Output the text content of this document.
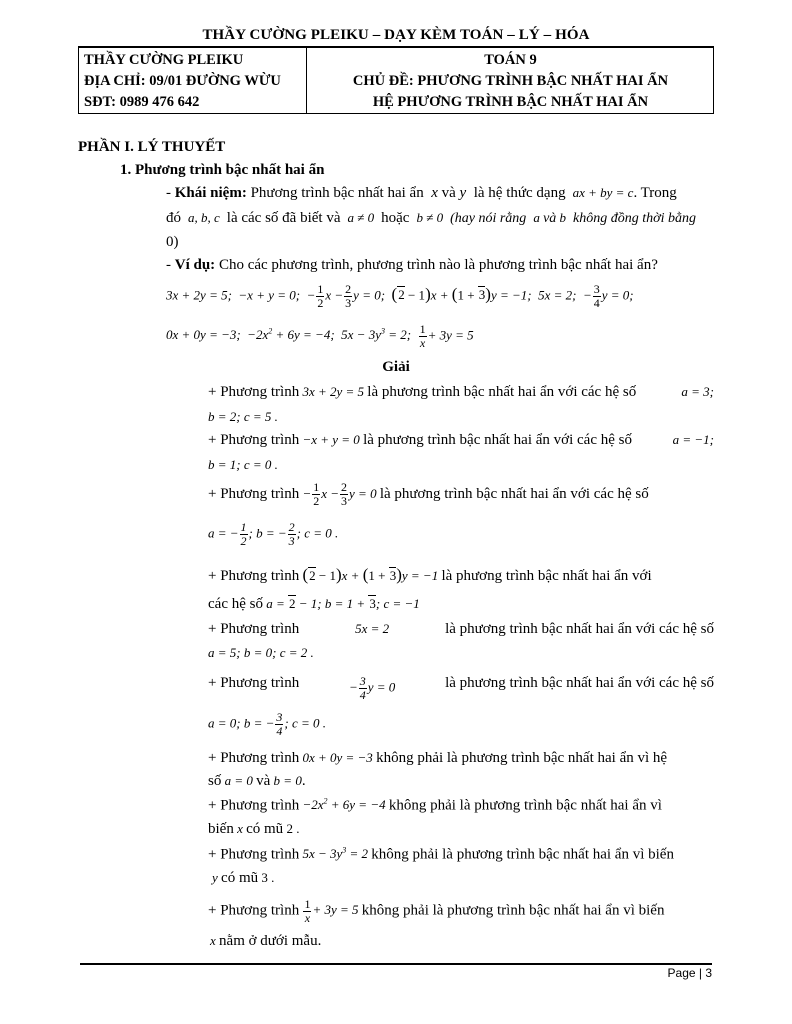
THẦY CƯỜNG PLEIKU – DẠY KÈM TOÁN – LÝ – HÓA
THẦY CƯỜNG PLEIKU
ĐỊA CHỈ: 09/01 ĐƯỜNG WỪU
SĐT: 0989 476 642
TOÁN 9
CHỦ ĐỀ: PHƯƠNG TRÌNH BẬC NHẤT HAI ẨN
HỆ PHƯƠNG TRÌNH BẬC NHẤT HAI ẨN
PHẦN I. LÝ THUYẾT
1. Phương trình bậc nhất hai ẩn
- Khái niệm: Phương trình bậc nhất hai ẩn  x và y  là hệ thức dạng  ax + by = c. Trong
đó  a, b, c  là các số đã biết và  a ≠ 0  hoặc  b ≠ 0  (hay nói rằng  a và b  không đồng thời bằng
0)
- Ví dụ: Cho các phương trình, phương trình nào là phương trình bậc nhất hai ẩn?
3x + 2y = 5;  −x + y = 0;  − $\frac{1}{2}$ $x - \frac{2}{3}$ y = 0;  (2 − 1)x + (1 + 3)y = −1;  5x = 2;  − $\frac{3}{4}$ y = 0;
0x + 0y = −3;  $-2x^2 + 6y = -4$;  $5x - 3y^3 = 2$; $\frac{1}{x} + 3y = 5$
Giải
+ Phương trình 3x + 2y = 5 là phương trình bậc nhất hai ẩn với các hệ số	a = 3;
b = 2; c = 5 .
+ Phương trình −x + y = 0 là phương trình bậc nhất hai ẩn với các hệ số	a = −1;
b = 1; c = 0 .
+ Phương trình − $\frac{1}{2}$ $x - \frac{2}{3}$ y = 0 là phương trình bậc nhất hai ẩn với các hệ số
a = − $\frac{1}{2}$ ; b = − $\frac{2}{3}$ ; c = 0 .
+ Phương trình (2 − 1)x + (1 + 3)y = −1 là phương trình bậc nhất hai ẩn với
các hệ số a = 2 − 1; b = 1 + 3; c = −1
+ Phương trình	5x = 2	là phương trình bậc nhất hai ẩn với các hệ số
a = 5; b = 0; c = 2 .
+ Phương trình	− $\frac{3}{4}$ y = 0	là phương trình bậc nhất hai ẩn với các hệ số
a = 0; b = − $\frac{3}{4}$ ; c = 0 .
+ Phương trình 0x + 0y = −3 không phải là phương trình bậc nhất hai ẩn vì hệ
số a = 0 và b = 0.
+ Phương trình $-2x^2 + 6y = -4$ không phải là phương trình bậc nhất hai ẩn vì
biến x có mũ 2 .
+ Phương trình $5x - 3y^3 = 2$ không phải là phương trình bậc nhất hai ẩn vì biến
y có mũ 3 .
+ Phương trình $\frac{1}{x} + 3y = 5$ không phải là phương trình bậc nhất hai ẩn vì biến
x nằm ở dưới mẫu.
Page | 3
